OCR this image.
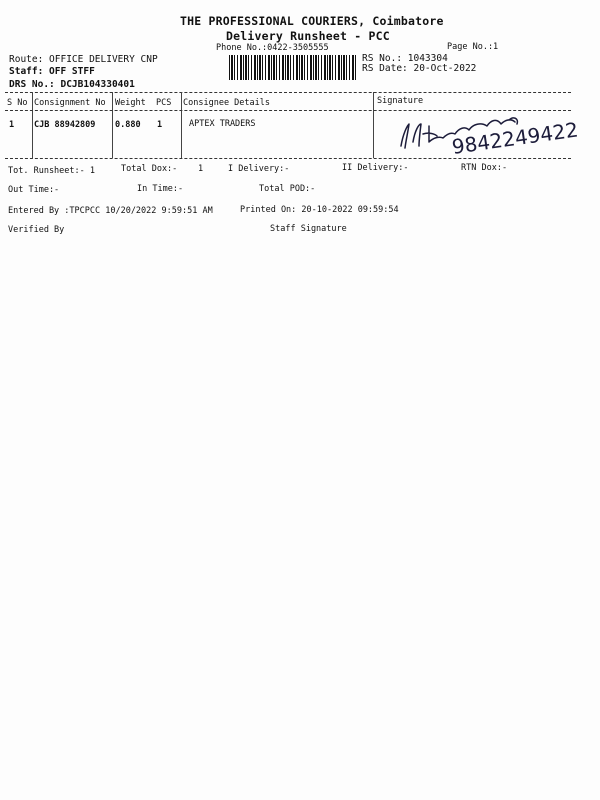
THE PROFESSIONAL COURIERS, Coimbatore
Delivery Runsheet - PCC
Phone No.:0422-3505555	Page No.:1
Route: OFFICE DELIVERY CNP
Staff: OFF STFF
DRS No.: DCJB104330401
RS No.: 1043304
RS Date: 20-Oct-2022
S No Consignment No Weight PCS Consignee Details	Signature
1 CJB 88942809 0.880 1	APTEX TRADERS	9842249422
Tot. Runsheet:- 1	Total Dox:- 1	I Delivery:-	II Delivery:-	RTN Dox:-
Out Time:-	In Time:-	Total POD:-
Entered By :TPCPCC 10/20/2022 9:59:51 AM	Printed On: 20-10-2022 09:59:54
Verified By	Staff Signature
